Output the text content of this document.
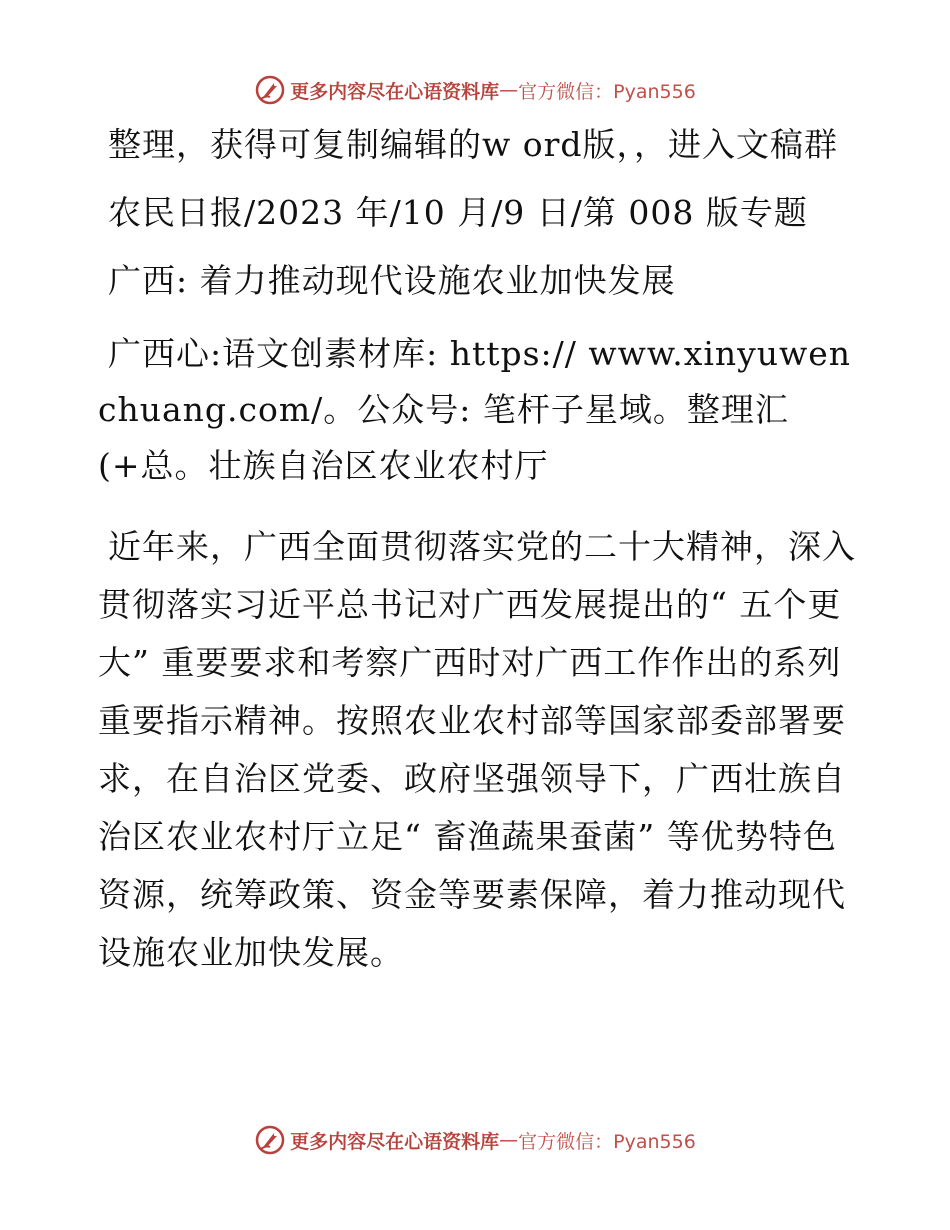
更多内容尽在心语资料库 — 官方微信：Pyan556

整理，获得可复制编辑的w ord版，，进入文稿群

农民日报/2023 年/10 月/9 日/第 008 版专题

广西: 着力推动现代设施农业加快发展

广西心:语文创素材库: https:// www.xinyuwenchuang.com/。公众号: 笔杆子星域。整理汇 (+总。壮族自治区农业农村厅

近年来，广西全面贯彻落实党的二十大精神，深入贯彻落实习近平总书记对广西发展提出的“ 五个更大” 重要要求和考察广西时对广西工作作出的系列重要指示精神。按照农业农村部等国家部委部署要求，在自治区党委、政府坚强领导下，广西壮族自治区农业农村厅立足“ 畜渔蔬果蚕菌” 等优势特色资源，统筹政策、资金等要素保障，着力推动现代设施农业加快发展。

更多内容尽在心语资料库 — 官方微信：Pyan556
